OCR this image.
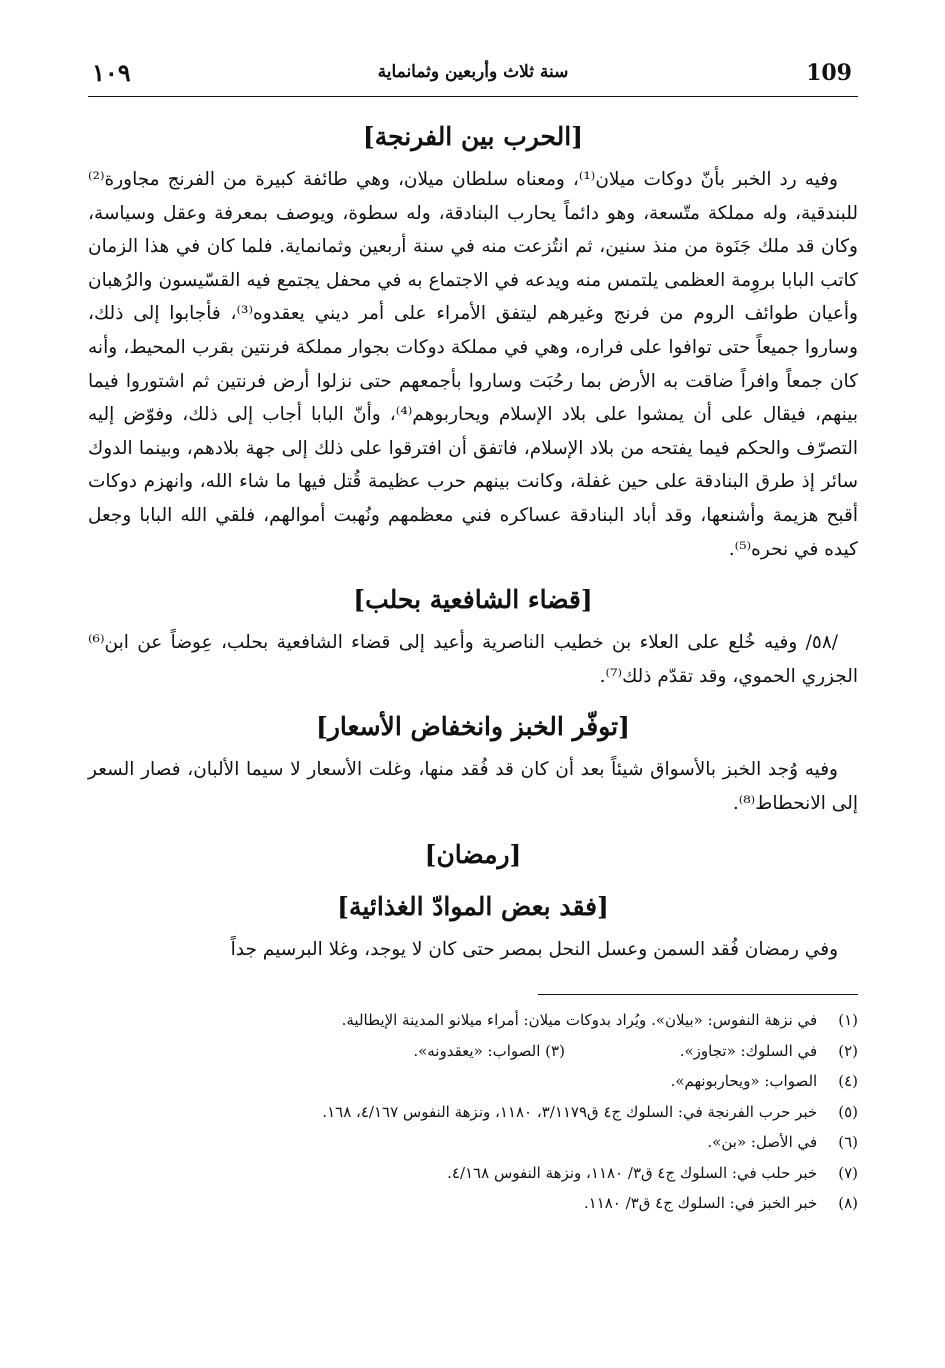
109
سنة ثلاث وأربعين وثمانماية
١٠٩
[الحرب بين الفرنجة]

وفيه رد الخبر بأنّ دوكات ميلان⁽¹⁾، ومعناه سلطان ميلان، وهي طائفة كبيرة من الفرنج مجاورة⁽²⁾ للبندقية، وله مملكة متّسعة، وهو دائماً يحارب البنادقة، وله سطوة، ويوصف بمعرفة وعقل وسياسة، وكان قد ملك جَنَوة من منذ سنين، ثم انتُزعت منه في سنة أربعين وثمانماية. فلما كان في هذا الزمان كاتب البابا بروِمة العظمى يلتمس منه ويدعه في الاجتماع به في محفل يجتمع فيه القسّيسون والرُهبان وأعيان طوائف الروم من فرنج وغيرهم ليتفق الأمراء على أمر ديني يعقدوه⁽³⁾، فأجابوا إلى ذلك، وساروا جميعاً حتى توافوا على فراره، وهي في مملكة دوكات بجوار مملكة فرنتين بقرب المحيط، وأنه كان جمعاً وافراً ضاقت به الأرض بما رحُبَت وساروا بأجمعهم حتى نزلوا أرض فرنتين ثم اشتوروا فيما بينهم، فيقال على أن يمشوا على بلاد الإسلام ويحاربوهم⁽⁴⁾، وأنّ البابا أجاب إلى ذلك، وفوّض إليه التصرّف والحكم فيما يفتحه من بلاد الإسلام، فاتفق أن افترقوا على ذلك إلى جهة بلادهم، وبينما الدوك سائر إذ طرق البنادقة على حين غفلة، وكانت بينهم حرب عظيمة قُتل فيها ما شاء الله، وانهزم دوكات أقبح هزيمة وأشنعها، وقد أباد البنادقة عساكره فني معظمهم ونُهبت أموالهم، فلقي الله البابا وجعل كيده في نحره⁽⁵⁾.

[قضاء الشافعية بحلب]

/٥٨/ وفيه خُلع على العلاء بن خطيب الناصرية وأعيد إلى قضاء الشافعية بحلب، عِوضاً عن ابن⁽⁶⁾ الجزري الحموي، وقد تقدّم ذلك⁽⁷⁾.

[توفّر الخبز وانخفاض الأسعار]

وفيه وُجد الخبز بالأسواق شيئاً بعد أن كان قد فُقد منها، وغلت الأسعار لا سيما الألبان، فصار السعر إلى الانحطاط⁽⁸⁾.

[رمضان]
[فقد بعض الموادّ الغذائية]

وفي رمضان فُقد السمن وعسل النحل بمصر حتى كان لا يوجد، وغلا البرسيم جداً

(١) في نزهة النفوس: «بيلان». ويُراد بدوكات ميلان: أمراء ميلانو المدينة الإيطالية.
(٢) في السلوك: «تجاوز». (٣) الصواب: «يعقدونه».
(٤) الصواب: «ويحاربونهم».
(٥) خبر حرب الفرنجة في: السلوك ج٤ ق٣/١١٧٩، ١١٨٠، ونزهة النفوس ٤/١٦٧، ١٦٨.
(٦) في الأصل: «بن».
(٧) خبر حلب في: السلوك ج٤ ق٣/ ١١٨٠، ونزهة النفوس ٤/١٦٨.
(٨) خبر الخبز في: السلوك ج٤ ق٣/ ١١٨٠.
